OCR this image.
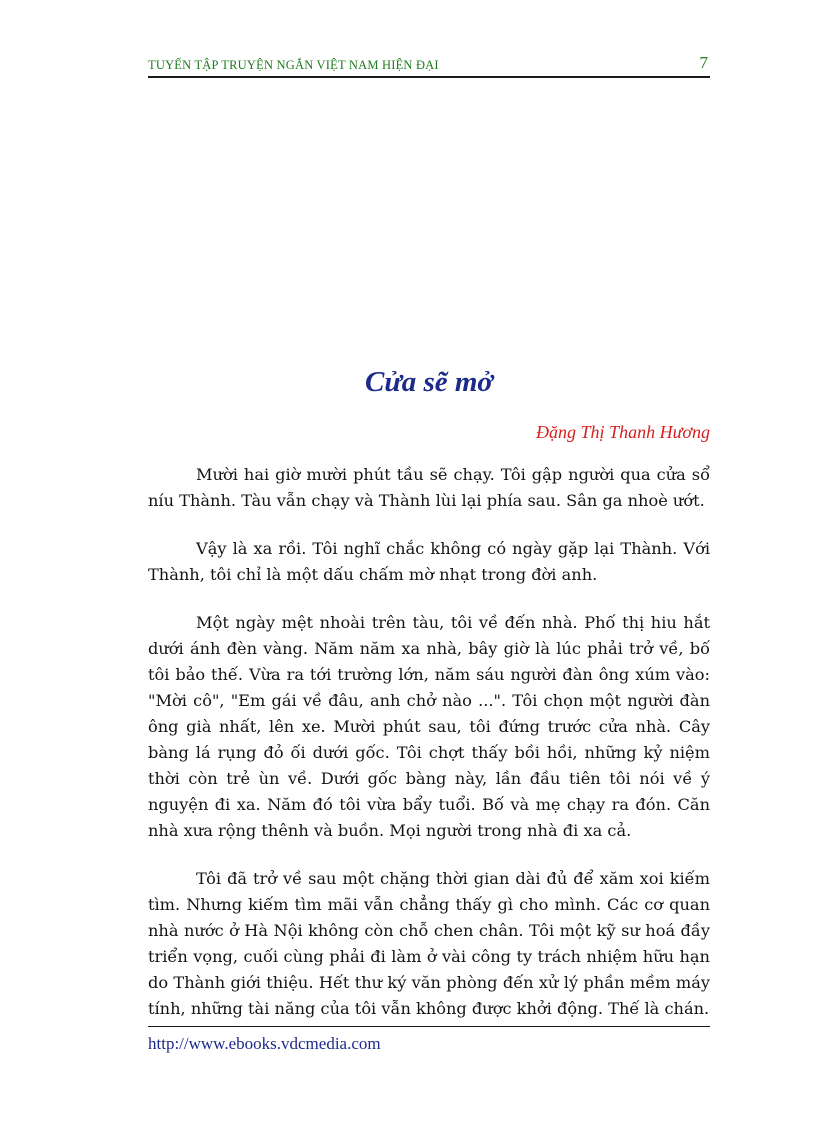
TUYỂN TẬP TRUYỆN NGẮN VIỆT NAM HIỆN ĐẠI	7
Cửa sẽ mở
Đặng Thị Thanh Hương

Mười hai giờ mười phút tầu sẽ chạy. Tôi gập người qua cửa sổ níu Thành. Tàu vẫn chạy và Thành lùi lại phía sau. Sân ga nhoè ướt.

Vậy là xa rồi. Tôi nghĩ chắc không có ngày gặp lại Thành. Với Thành, tôi chỉ là một dấu chấm mờ nhạt trong đời anh.

Một ngày mệt nhoài trên tàu, tôi về đến nhà. Phố thị hiu hắt dưới ánh đèn vàng. Năm năm xa nhà, bây giờ là lúc phải trở về, bố tôi bảo thế. Vừa ra tới trường lớn, năm sáu người đàn ông xúm vào: "Mời cô", "Em gái về đâu, anh chở nào ...". Tôi chọn một người đàn ông già nhất, lên xe. Mười phút sau, tôi đứng trước cửa nhà. Cây bàng lá rụng đỏ ối dưới gốc. Tôi chợt thấy bồi hồi, những kỷ niệm thời còn trẻ ùn về. Dưới gốc bàng này, lần đầu tiên tôi nói về ý nguyện đi xa. Năm đó tôi vừa bẩy tuổi. Bố và mẹ chạy ra đón. Căn nhà xưa rộng thênh và buồn. Mọi người trong nhà đi xa cả.

Tôi đã trở về sau một chặng thời gian dài đủ để xăm xoi kiếm tìm. Nhưng kiếm tìm mãi vẫn chẳng thấy gì cho mình. Các cơ quan nhà nước ở Hà Nội không còn chỗ chen chân. Tôi một kỹ sư hoá đầy triển vọng, cuối cùng phải đi làm ở vài công ty trách nhiệm hữu hạn do Thành giới thiệu. Hết thư ký văn phòng đến xử lý phần mềm máy tính, những tài năng của tôi vẫn không được khởi động. Thế là chán.

http://www.ebooks.vdcmedia.com
